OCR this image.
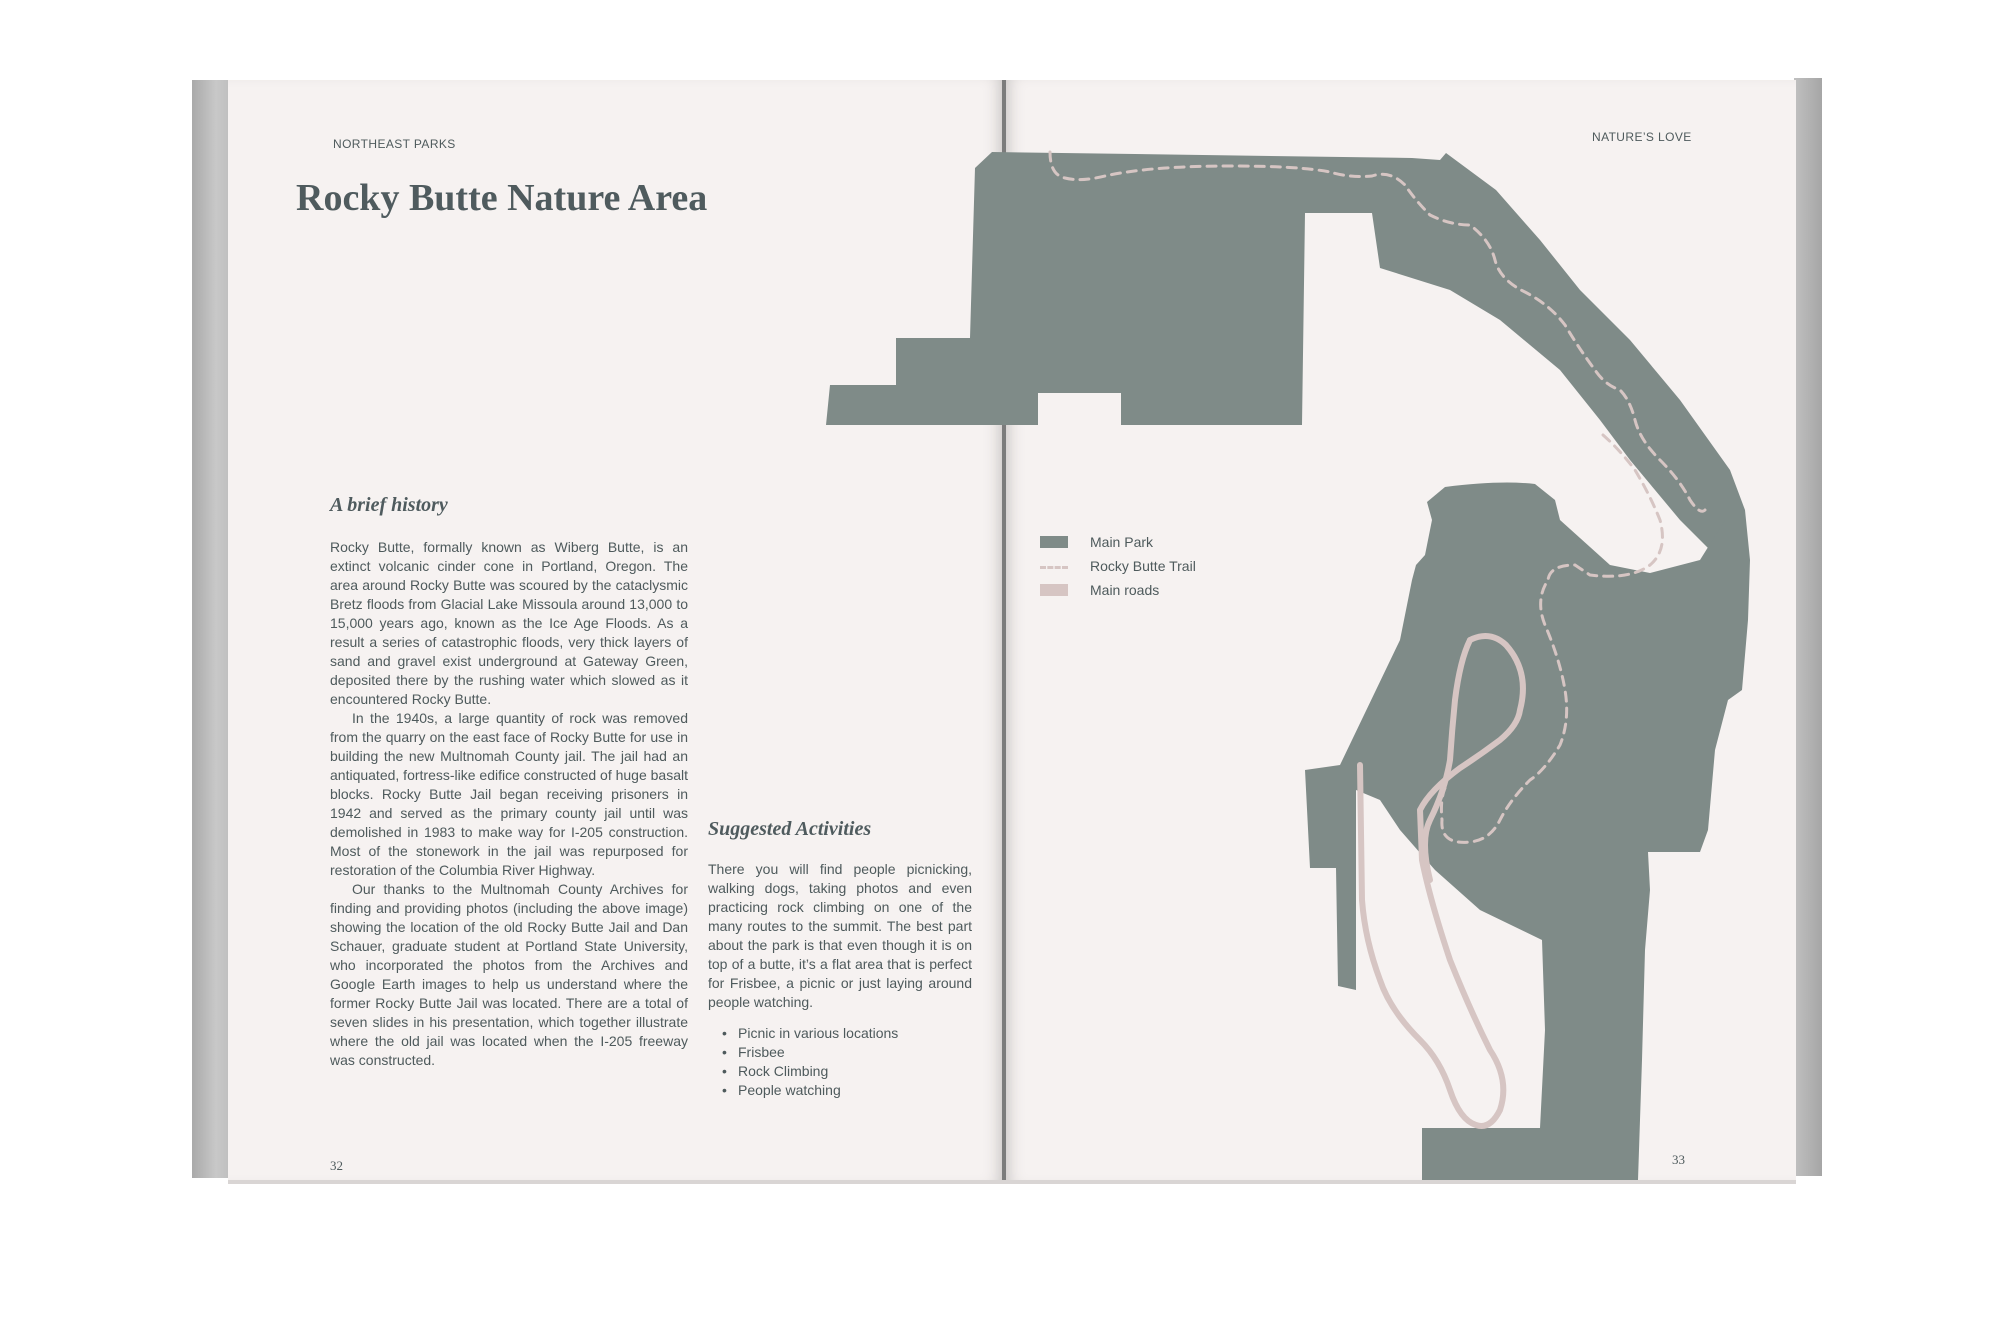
NORTHEAST PARKS	NATURE’S LOVE
Rocky Butte Nature Area
A brief history

Rocky Butte, formally known as Wiberg Butte, is an extinct volcanic cinder cone in Portland, Oregon. The area around Rocky Butte was scoured by the cataclysmic Bretz floods from Glacial Lake Missoula around 13,000 to 15,000 years ago, known as the Ice Age Floods. As a result a series of catastrophic floods, very thick layers of sand and gravel exist underground at Gateway Green, deposited there by the rushing water which slowed as it encountered Rocky Butte.

In the 1940s, a large quantity of rock was removed from the quarry on the east face of Rocky Butte for use in building the new Multnomah County jail. The jail had an antiquated, fortress-like edifice constructed of huge basalt blocks. Rocky Butte Jail began receiving prisoners in 1942 and served as the primary county jail until was demolished in 1983 to make way for I-205 construction. Most of the stonework in the jail was repurposed for restoration of the Columbia River Highway.

Our thanks to the Multnomah County Archives for finding and providing photos (including the above image) showing the location of the old Rocky Butte Jail and Dan Schauer, graduate student at Portland State University, who incorporated the photos from the Archives and Google Earth images to help us understand where the former Rocky Butte Jail was located. There are a total of seven slides in his presentation, which together illustrate where the old jail was located when the I-205 freeway was constructed.

Suggested Activities

There you will find people picnicking, walking dogs, taking photos and even practicing rock climbing on one of the many routes to the summit. The best part about the park is that even though it is on top of a butte, it’s a flat area that is perfect for Frisbee, a picnic or just laying around people watching.

• Picnic in various locations
• Frisbee
• Rock Climbing
• People watching
Main Park
Rocky Butte Trail
Main roads
32	33
